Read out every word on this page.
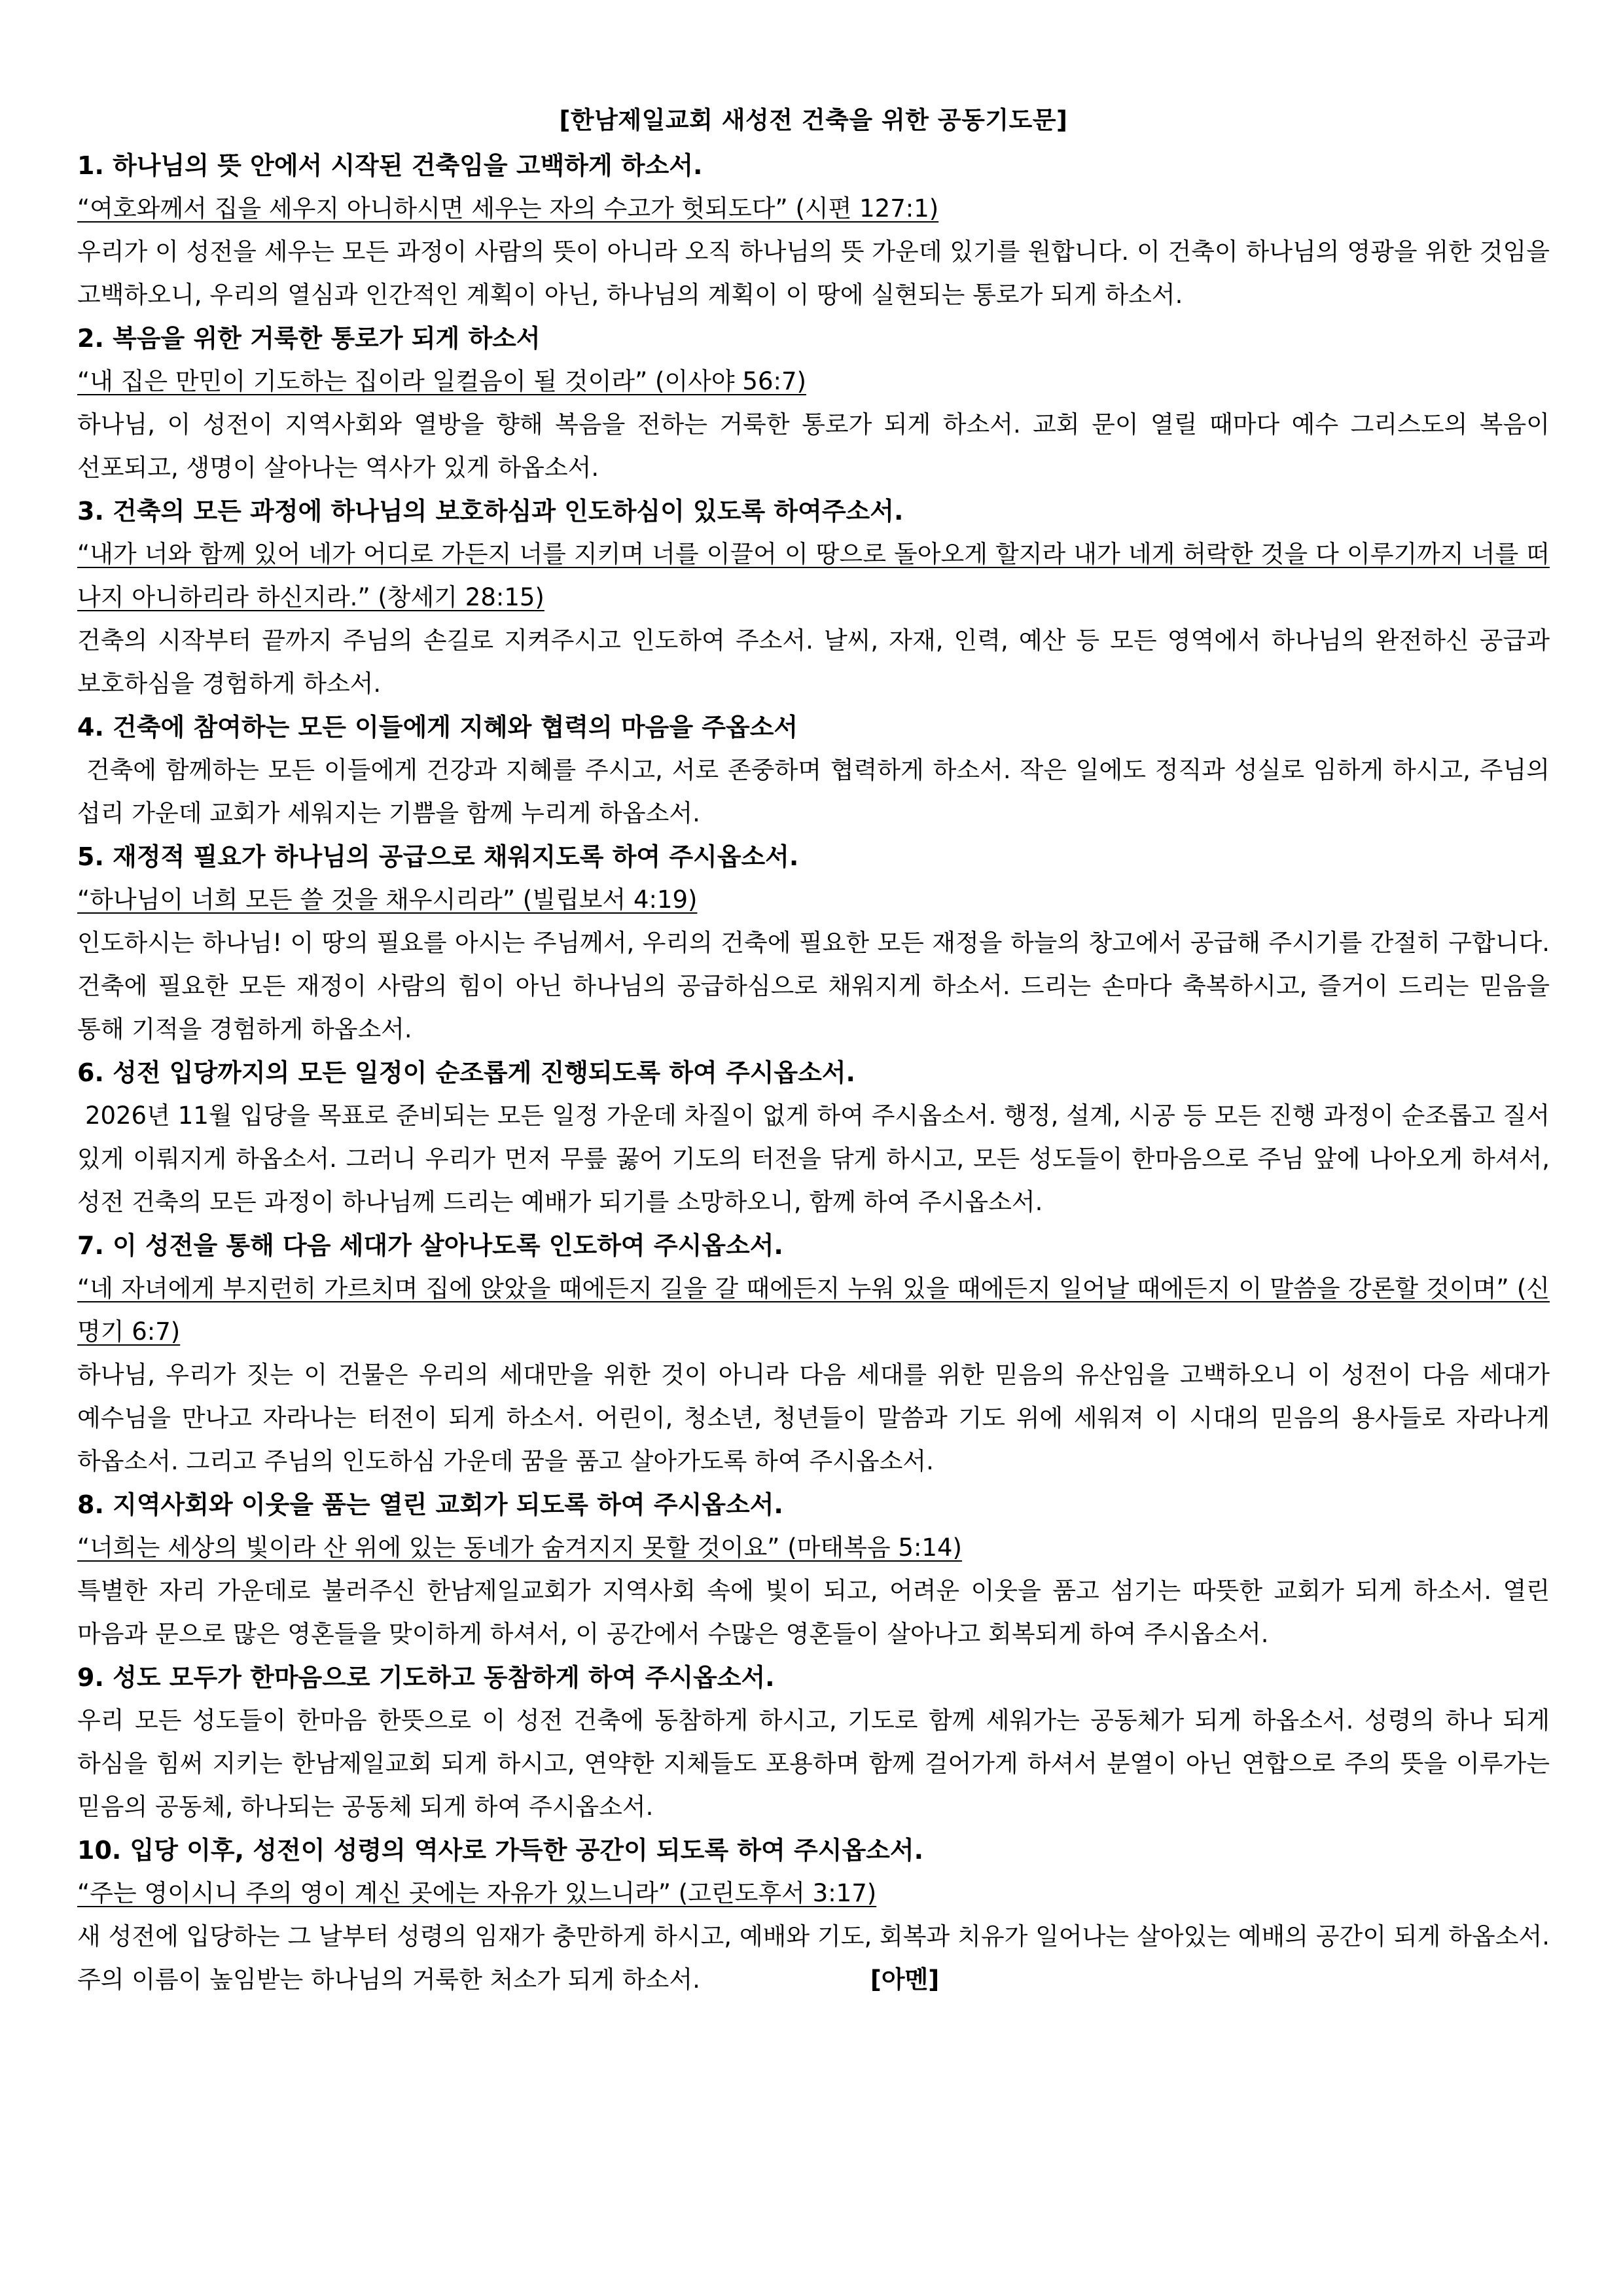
[한남제일교회 새성전 건축을 위한 공동기도문]
1. 하나님의 뜻 안에서 시작된 건축임을 고백하게 하소서.
“여호와께서 집을 세우지 아니하시면 세우는 자의 수고가 헛되도다” (시편 127:1)
우리가 이 성전을 세우는 모든 과정이 사람의 뜻이 아니라 오직 하나님의 뜻 가운데 있기를 원합니다. 이 건축이 하나님의 영광을 위한 것임을 고백하오니, 우리의 열심과 인간적인 계획이 아닌, 하나님의 계획이 이 땅에 실현되는 통로가 되게 하소서.
2. 복음을 위한 거룩한 통로가 되게 하소서
“내 집은 만민이 기도하는 집이라 일컬음이 될 것이라” (이사야 56:7)
하나님, 이 성전이 지역사회와 열방을 향해 복음을 전하는 거룩한 통로가 되게 하소서. 교회 문이 열릴 때마다 예수 그리스도의 복음이 선포되고, 생명이 살아나는 역사가 있게 하옵소서.
3. 건축의 모든 과정에 하나님의 보호하심과 인도하심이 있도록 하여주소서.
“내가 너와 함께 있어 네가 어디로 가든지 너를 지키며 너를 이끌어 이 땅으로 돌아오게 할지라 내가 네게 허락한 것을 다 이루기까지 너를 떠나지 아니하리라 하신지라.” (창세기 28:15)
건축의 시작부터 끝까지 주님의 손길로 지켜주시고 인도하여 주소서. 날씨, 자재, 인력, 예산 등 모든 영역에서 하나님의 완전하신 공급과 보호하심을 경험하게 하소서.
4. 건축에 참여하는 모든 이들에게 지혜와 협력의 마음을 주옵소서
건축에 함께하는 모든 이들에게 건강과 지혜를 주시고, 서로 존중하며 협력하게 하소서. 작은 일에도 정직과 성실로 임하게 하시고, 주님의 섭리 가운데 교회가 세워지는 기쁨을 함께 누리게 하옵소서.
5. 재정적 필요가 하나님의 공급으로 채워지도록 하여 주시옵소서.
“하나님이 너희 모든 쓸 것을 채우시리라” (빌립보서 4:19)
인도하시는 하나님! 이 땅의 필요를 아시는 주님께서, 우리의 건축에 필요한 모든 재정을 하늘의 창고에서 공급해 주시기를 간절히 구합니다. 건축에 필요한 모든 재정이 사람의 힘이 아닌 하나님의 공급하심으로 채워지게 하소서. 드리는 손마다 축복하시고, 즐거이 드리는 믿음을 통해 기적을 경험하게 하옵소서.
6. 성전 입당까지의 모든 일정이 순조롭게 진행되도록 하여 주시옵소서.
2026년 11월 입당을 목표로 준비되는 모든 일정 가운데 차질이 없게 하여 주시옵소서. 행정, 설계, 시공 등 모든 진행 과정이 순조롭고 질서 있게 이뤄지게 하옵소서. 그러니 우리가 먼저 무릎 꿇어 기도의 터전을 닦게 하시고, 모든 성도들이 한마음으로 주님 앞에 나아오게 하셔서, 성전 건축의 모든 과정이 하나님께 드리는 예배가 되기를 소망하오니, 함께 하여 주시옵소서.
7. 이 성전을 통해 다음 세대가 살아나도록 인도하여 주시옵소서.
“네 자녀에게 부지런히 가르치며 집에 앉았을 때에든지 길을 갈 때에든지 누워 있을 때에든지 일어날 때에든지 이 말씀을 강론할 것이며” (신명기 6:7)
하나님, 우리가 짓는 이 건물은 우리의 세대만을 위한 것이 아니라 다음 세대를 위한 믿음의 유산임을 고백하오니 이 성전이 다음 세대가 예수님을 만나고 자라나는 터전이 되게 하소서. 어린이, 청소년, 청년들이 말씀과 기도 위에 세워져 이 시대의 믿음의 용사들로 자라나게 하옵소서. 그리고 주님의 인도하심 가운데 꿈을 품고 살아가도록 하여 주시옵소서.
8. 지역사회와 이웃을 품는 열린 교회가 되도록 하여 주시옵소서.
“너희는 세상의 빛이라 산 위에 있는 동네가 숨겨지지 못할 것이요” (마태복음 5:14)
특별한 자리 가운데로 불러주신 한남제일교회가 지역사회 속에 빛이 되고, 어려운 이웃을 품고 섬기는 따뜻한 교회가 되게 하소서. 열린 마음과 문으로 많은 영혼들을 맞이하게 하셔서, 이 공간에서 수많은 영혼들이 살아나고 회복되게 하여 주시옵소서.
9. 성도 모두가 한마음으로 기도하고 동참하게 하여 주시옵소서.
우리 모든 성도들이 한마음 한뜻으로 이 성전 건축에 동참하게 하시고, 기도로 함께 세워가는 공동체가 되게 하옵소서. 성령의 하나 되게 하심을 힘써 지키는 한남제일교회 되게 하시고, 연약한 지체들도 포용하며 함께 걸어가게 하셔서 분열이 아닌 연합으로 주의 뜻을 이루가는 믿음의 공동체, 하나되는 공동체 되게 하여 주시옵소서.
10. 입당 이후, 성전이 성령의 역사로 가득한 공간이 되도록 하여 주시옵소서.
“주는 영이시니 주의 영이 계신 곳에는 자유가 있느니라” (고린도후서 3:17)
새 성전에 입당하는 그 날부터 성령의 임재가 충만하게 하시고, 예배와 기도, 회복과 치유가 일어나는 살아있는 예배의 공간이 되게 하옵소서. 주의 이름이 높임받는 하나님의 거룩한 처소가 되게 하소서.	[아멘]
